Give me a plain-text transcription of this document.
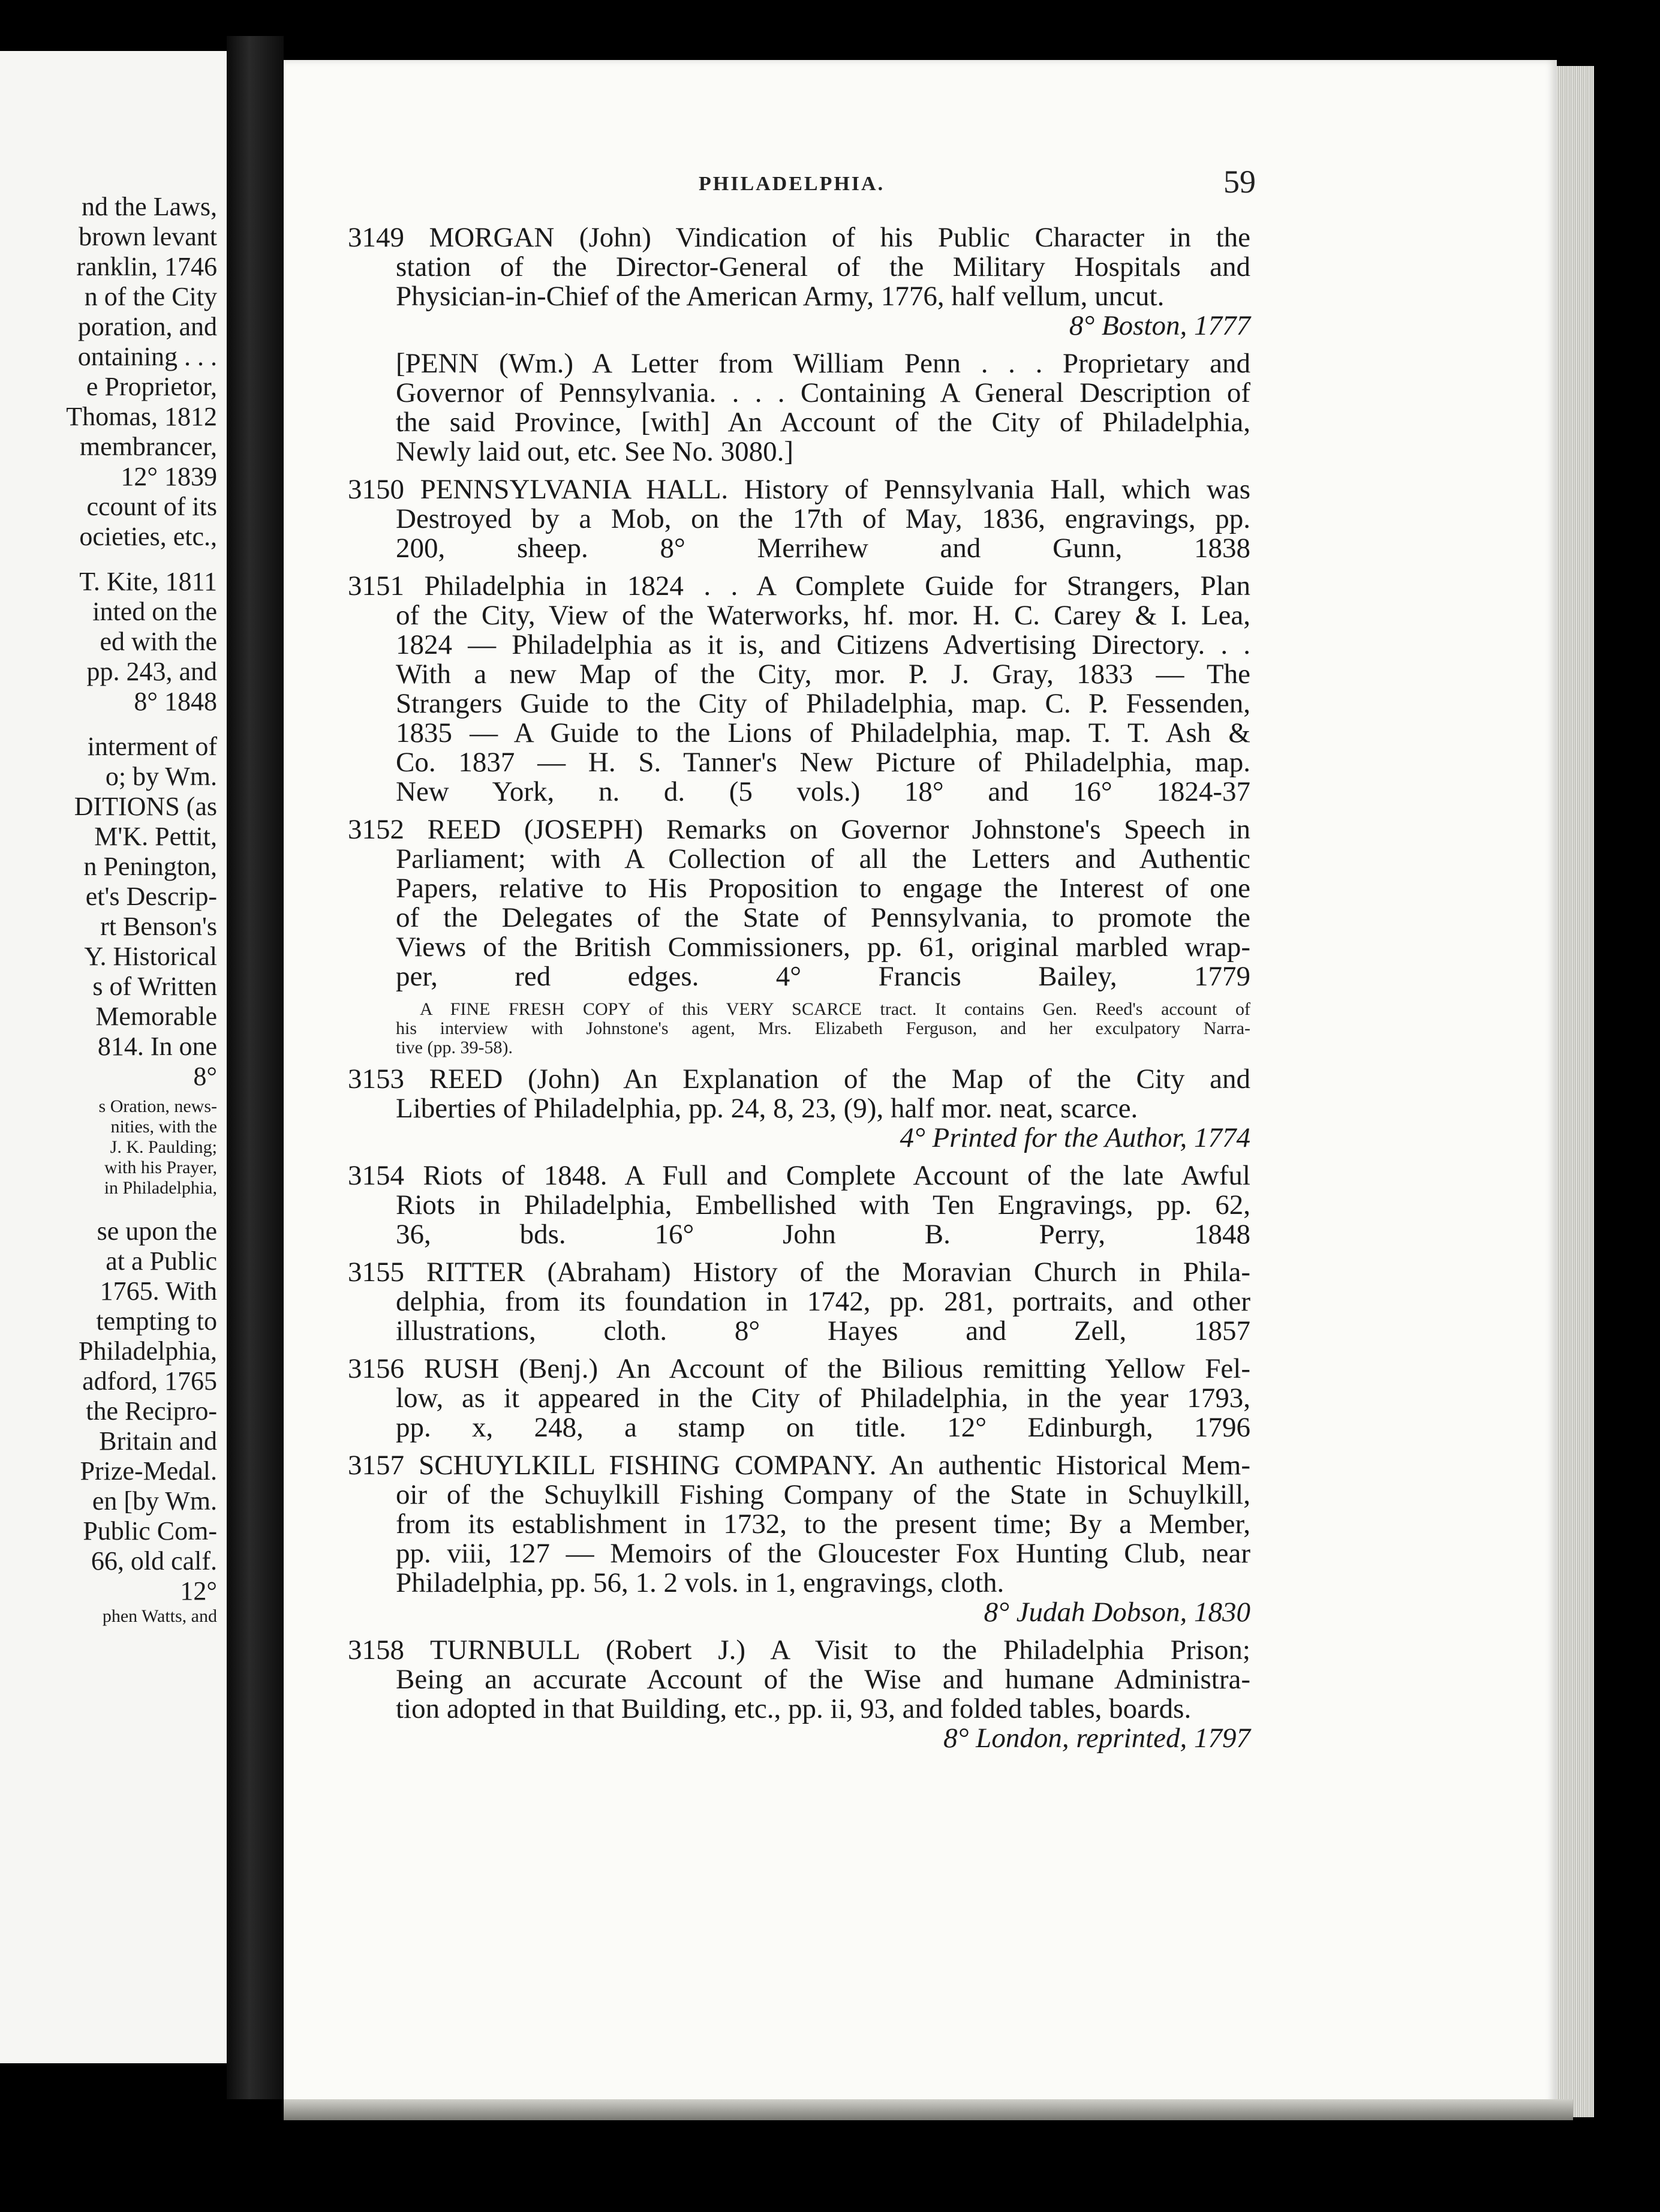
nd the Laws,
brown levant
ranklin, 1746
n of the City
poration, and
ontaining . . .
e Proprietor,
Thomas, 1812
membrancer,
12° 1839
ccount of its
ocieties, etc.,
T. Kite, 1811
inted on the
ed with the
pp. 243, and
8° 1848
interment of
o; by Wm.
DITIONS (as
M'K. Pettit,
n Penington,
et's Descrip-
rt Benson's
Y. Historical
s of Written
Memorable
814. In one
8°
s Oration, news-
nities, with the
J. K. Paulding;
with his Prayer,
in Philadelphia,
se upon the
at a Public
1765. With
tempting to
Philadelphia,
adford, 1765
the Recipro-
Britain and
Prize-Medal.
en [by Wm.
Public Com-
66, old calf.
12°
phen Watts, and
PHILADELPHIA.	59
3149 MORGAN (John) Vindication of his Public Character in the
station of the Director-General of the Military Hospitals and
Physician-in-Chief of the American Army, 1776, half vellum, uncut.
8° Boston, 1777
[PENN (Wm.) A Letter from William Penn . . . Proprietary and
Governor of Pennsylvania. . . . Containing A General Description of
the said Province, [with] An Account of the City of Philadelphia,
Newly laid out, etc. See No. 3080.]
3150 PENNSYLVANIA HALL. History of Pennsylvania Hall, which was
Destroyed by a Mob, on the 17th of May, 1836, engravings, pp.
200, sheep. 8° Merrihew and Gunn, 1838
3151 Philadelphia in 1824 . . A Complete Guide for Strangers, Plan
of the City, View of the Waterworks, hf. mor. H. C. Carey & I. Lea,
1824 — Philadelphia as it is, and Citizens Advertising Directory. . .
With a new Map of the City, mor. P. J. Gray, 1833 — The
Strangers Guide to the City of Philadelphia, map. C. P. Fessenden,
1835 — A Guide to the Lions of Philadelphia, map. T. T. Ash &
Co. 1837 — H. S. Tanner's New Picture of Philadelphia, map.
New York, n. d. (5 vols.) 18° and 16° 1824-37
3152 REED (JOSEPH) Remarks on Governor Johnstone's Speech in
Parliament; with A Collection of all the Letters and Authentic
Papers, relative to His Proposition to engage the Interest of one
of the Delegates of the State of Pennsylvania, to promote the
Views of the British Commissioners, pp. 61, original marbled wrap-
per, red edges. 4° Francis Bailey, 1779
A FINE FRESH COPY of this VERY SCARCE tract. It contains Gen. Reed's account of
his interview with Johnstone's agent, Mrs. Elizabeth Ferguson, and her exculpatory Narra-
tive (pp. 39-58).
3153 REED (John) An Explanation of the Map of the City and
Liberties of Philadelphia, pp. 24, 8, 23, (9), half mor. neat, scarce.
4° Printed for the Author, 1774
3154 Riots of 1848. A Full and Complete Account of the late Awful
Riots in Philadelphia, Embellished with Ten Engravings, pp. 62,
36, bds. 16° John B. Perry, 1848
3155 RITTER (Abraham) History of the Moravian Church in Phila-
delphia, from its foundation in 1742, pp. 281, portraits, and other
illustrations, cloth. 8° Hayes and Zell, 1857
3156 RUSH (Benj.) An Account of the Bilious remitting Yellow Fel-
low, as it appeared in the City of Philadelphia, in the year 1793,
pp. x, 248, a stamp on title. 12° Edinburgh, 1796
3157 SCHUYLKILL FISHING COMPANY. An authentic Historical Mem-
oir of the Schuylkill Fishing Company of the State in Schuylkill,
from its establishment in 1732, to the present time; By a Member,
pp. viii, 127 — Memoirs of the Gloucester Fox Hunting Club, near
Philadelphia, pp. 56, 1. 2 vols. in 1, engravings, cloth.
8° Judah Dobson, 1830
3158 TURNBULL (Robert J.) A Visit to the Philadelphia Prison;
Being an accurate Account of the Wise and humane Administra-
tion adopted in that Building, etc., pp. ii, 93, and folded tables, boards.
8° London, reprinted, 1797
